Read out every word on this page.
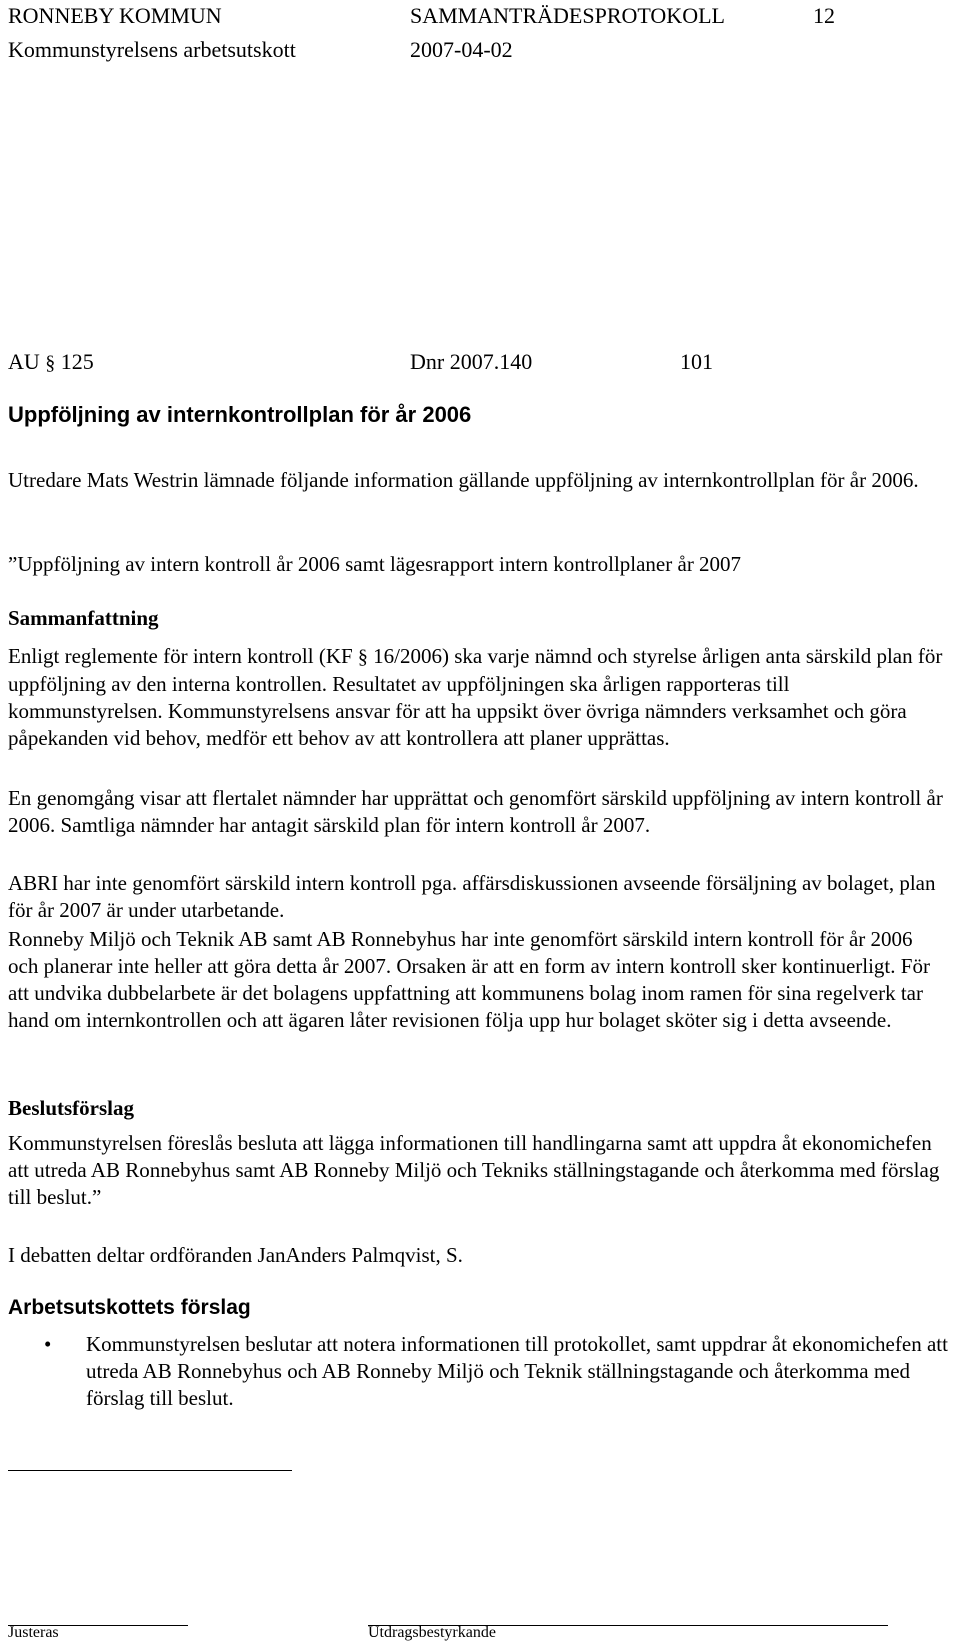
RONNEBY KOMMUN	SAMMANTRÄDESPROTOKOLL	12
Kommunstyrelsens arbetsutskott	2007-04-02
AU § 125	Dnr 2007.140	101
Uppföljning av internkontrollplan för år 2006

Utredare Mats Westrin lämnade följande information gällande uppföljning av internkontrollplan för år 2006.

”Uppföljning av intern kontroll år 2006 samt lägesrapport intern kontrollplaner år 2007

Sammanfattning

Enligt reglemente för intern kontroll (KF § 16/2006) ska varje nämnd och styrelse årligen anta särskild plan för uppföljning av den interna kontrollen. Resultatet av uppföljningen ska årligen rapporteras till kommunstyrelsen. Kommunstyrelsens ansvar för att ha uppsikt över övriga nämnders verksamhet och göra påpekanden vid behov, medför ett behov av att kontrollera att planer upprättas.

En genomgång visar att flertalet nämnder har upprättat och genomfört särskild uppföljning av intern kontroll år 2006. Samtliga nämnder har antagit särskild plan för intern kontroll år 2007.

ABRI har inte genomfört särskild intern kontroll pga. affärsdiskussionen avseende försäljning av bolaget, plan för år 2007 är under utarbetande.

Ronneby Miljö och Teknik AB samt AB Ronnebyhus har inte genomfört särskild intern kontroll för år 2006 och planerar inte heller att göra detta år 2007. Orsaken är att en form av intern kontroll sker kontinuerligt. För att undvika dubbelarbete är det bolagens uppfattning att kommunens bolag inom ramen för sina regelverk tar hand om internkontrollen och att ägaren låter revisionen följa upp hur bolaget sköter sig i detta avseende.

Beslutsförslag

Kommunstyrelsen föreslås besluta att lägga informationen till handlingarna samt att uppdra åt ekonomichefen att utreda AB Ronnebyhus samt AB Ronneby Miljö och Tekniks ställningstagande och återkomma med förslag till beslut.”

I debatten deltar ordföranden JanAnders Palmqvist, S.

Arbetsutskottets förslag
• Kommunstyrelsen beslutar att notera informationen till protokollet, samt uppdrar åt ekonomichefen att utreda AB Ronnebyhus och AB Ronneby Miljö och Teknik ställningstagande och återkomma med förslag till beslut.

Justeras	Utdragsbestyrkande
